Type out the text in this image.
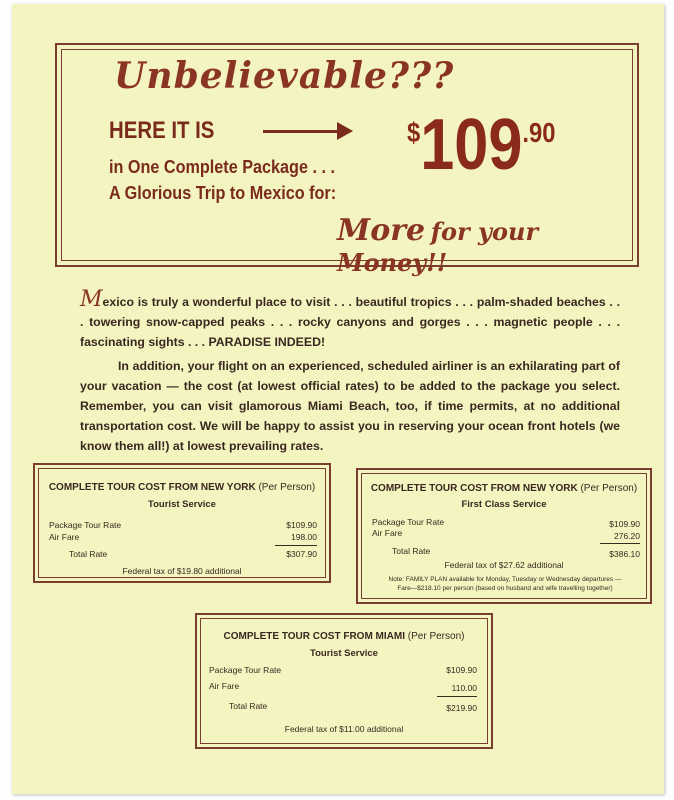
Unbelievable???
HERE IT IS
in One Complete Package . . .
A Glorious Trip to Mexico for:
$109.90
More for your Money!!

Mexico is truly a wonderful place to visit . . . beautiful tropics . . . palm-shaded beaches . . . towering snow-capped peaks . . . rocky canyons and gorges . . . magnetic people . . . fascinating sights . . . PARADISE INDEED!

In addition, your flight on an experienced, scheduled airliner is an exhilarating part of your vacation — the cost (at lowest official rates) to be added to the package you select. Remember, you can visit glamorous Miami Beach, too, if time permits, at no additional transportation cost. We will be happy to assist you in reserving your ocean front hotels (we know them all!) at lowest prevailing rates.

COMPLETE TOUR COST FROM NEW YORK (Per Person)
Tourist Service
Package Tour Rate	$109.90
Air Fare	198.00
Total Rate	$307.90
Federal tax of $19.80 additional
COMPLETE TOUR COST FROM NEW YORK (Per Person)
First Class Service
Package Tour Rate	$109.90
Air Fare	276.20
Total Rate	$386.10
Federal tax of $27.62 additional
Note: FAMILY PLAN available for Monday, Tuesday or Wednesday departures —
Fare—$218.10 per person (based on husband and wife travelling together)
COMPLETE TOUR COST FROM MIAMI (Per Person)
Tourist Service
Package Tour Rate	$109.90
Air Fare	110.00
Total Rate	$219.90
Federal tax of $11.00 additional
